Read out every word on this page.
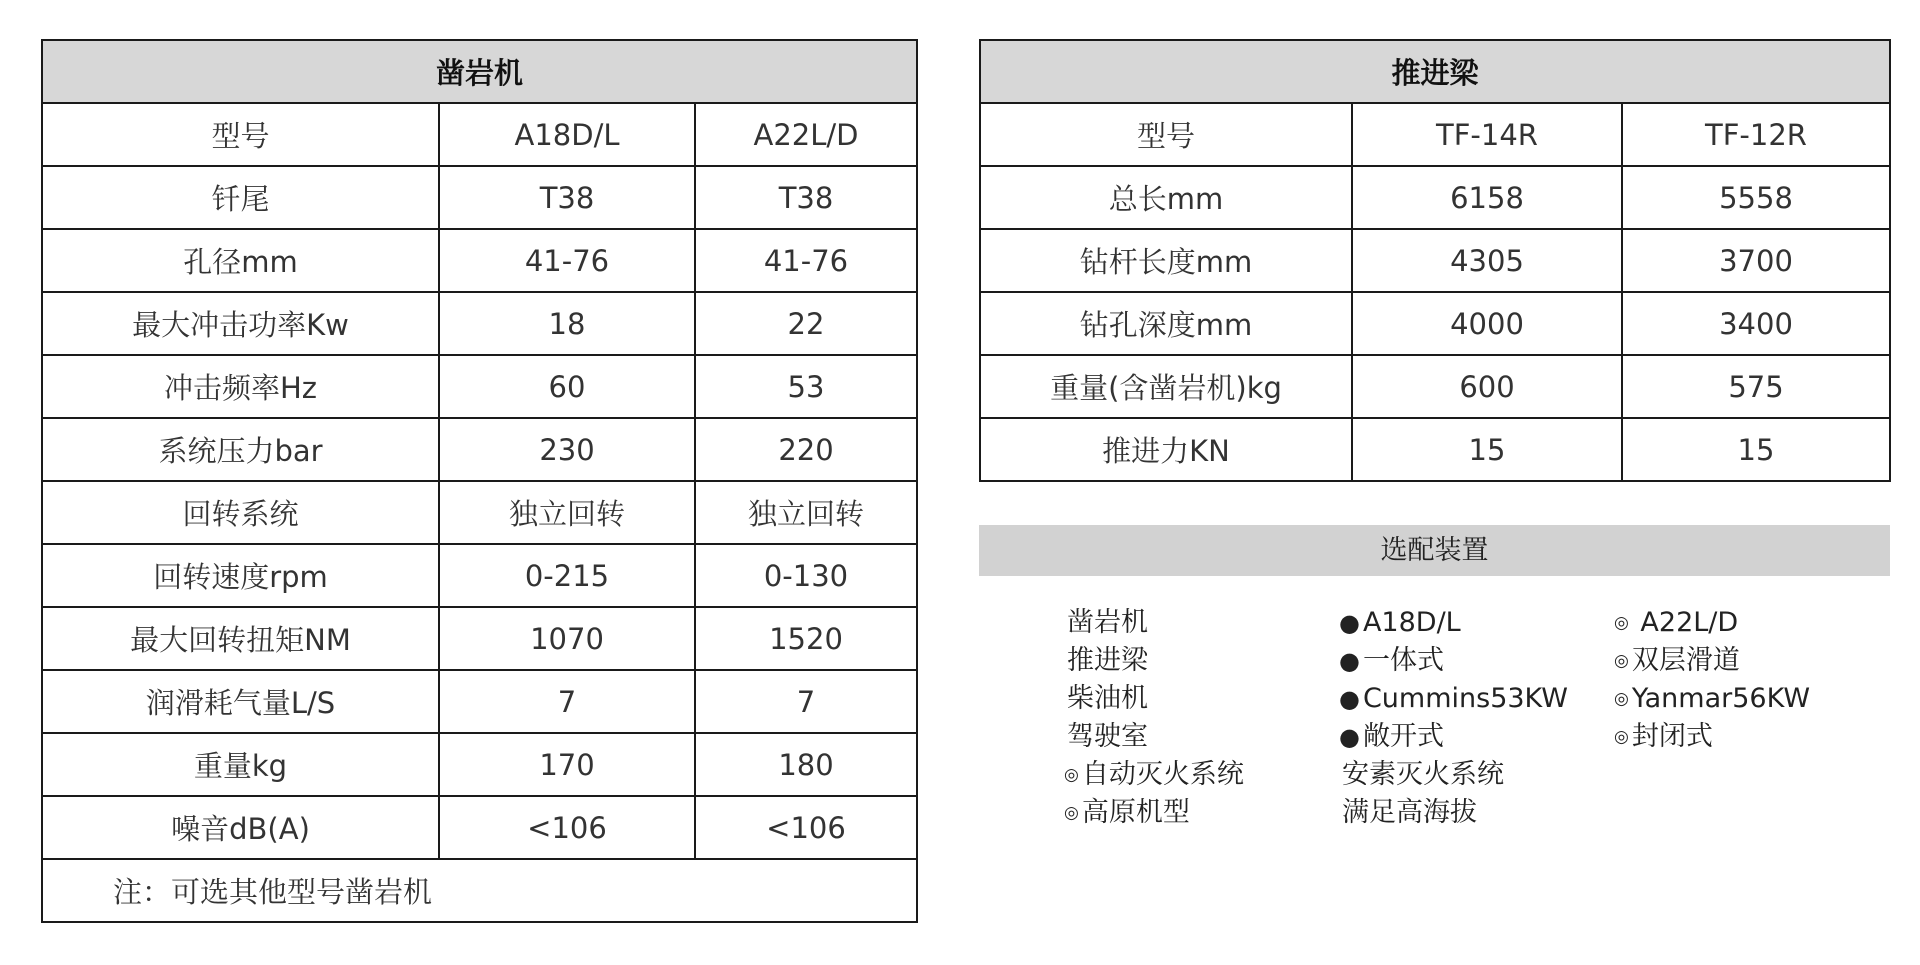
凿岩机		
型号	A18D/L	A22L/D
钎尾	T38	T38
孔径mm	41-76	41-76
最大冲击功率Kw	18	22
冲击频率Hz	60	53
系统压力bar	230	220
回转系统	独立回转	独立回转
回转速度rpm	0-215	0-130
最大回转扭矩NM	1070	1520
润滑耗气量L/S	7	7
重量kg	170	180
噪音dB(A)	<106	<106
注：可选其他型号凿岩机		
推进梁		
型号	TF-14R	TF-12R
总长mm	6158	5558
钻杆长度mm	4305	3700
钻孔深度mm	4000	3400
重量(含凿岩机)kg	600	575
推进力KN	15	15
选配装置
凿岩机	● A18D/L	◎ A22L/D
推进梁	● 一体式	◎ 双层滑道
柴油机	● Cummins53KW	◎ Yanmar56KW
驾驶室	● 敞开式	◎ 封闭式
◎ 自动灭火系统	安素灭火系统
◎ 高原机型	满足高海拔
